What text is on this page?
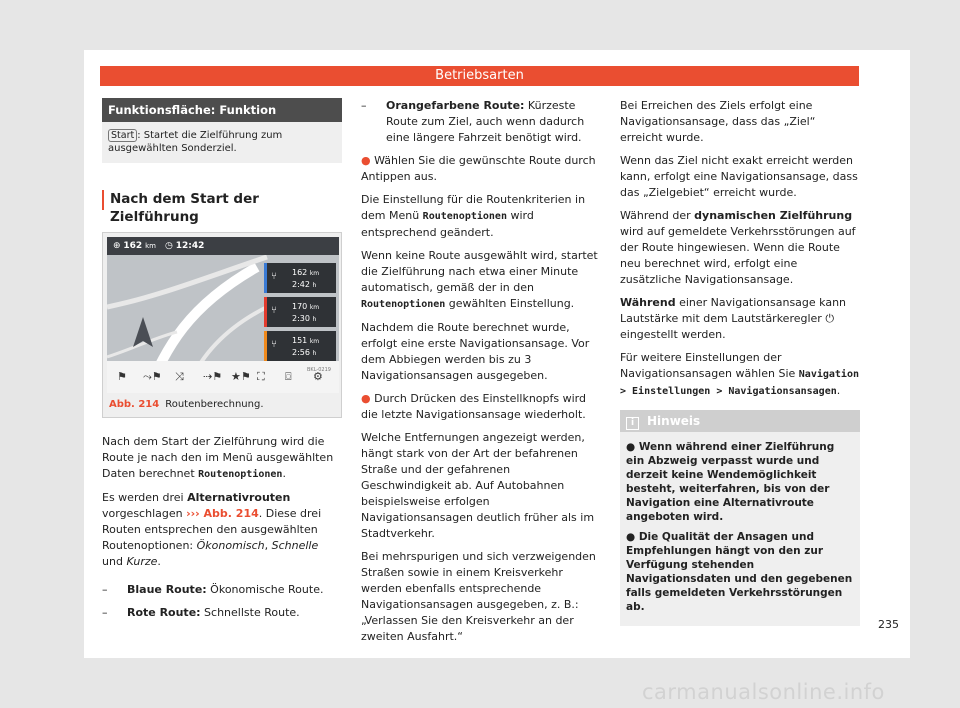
Betriebsarten
Funktionsfläche: Funktion
Start : Startet die Zielführung zum ausgewählten Sonderziel.
Nach dem Start der Zielführung
⊕ 162 km ◷ 12:42
⑂ 162 km
2:42 h
⑂ 170 km
2:30 h
⑂ 151 km
2:56 h
⚑ ⤳⚑ ⤨ ⇢⚑ ★⚑ ⛶ ⌼ ⚙
BKL-0219
Abb. 214 Routenberechnung.

Nach dem Start der Zielführung wird die Route je nach den im Menü ausgewählten Daten berechnet Routenoptionen.

Es werden drei Alternativrouten vorgeschlagen ››› Abb. 214. Diese drei Routen entsprechen den ausgewählten Routenoptionen: Ökonomisch, Schnelle und Kurze.

–	Blaue Route: Ökonomische Route.
–	Rote Route: Schnellste Route.
–	Orangefarbene Route: Kürzeste Route zum Ziel, auch wenn dadurch eine längere Fahrzeit benötigt wird.

● Wählen Sie die gewünschte Route durch Antippen aus.

Die Einstellung für die Routenkriterien in dem Menü Routenoptionen wird entsprechend geändert.

Wenn keine Route ausgewählt wird, startet die Zielführung nach etwa einer Minute automatisch, gemäß der in den Routenoptionen gewählten Einstellung.

Nachdem die Route berechnet wurde, erfolgt eine erste Navigationsansage. Vor dem Abbiegen werden bis zu 3 Navigationsansagen ausgegeben.

● Durch Drücken des Einstellknopfs wird die letzte Navigationsansage wiederholt.

Welche Entfernungen angezeigt werden, hängt stark von der Art der befahrenen Straße und der gefahrenen Geschwindigkeit ab. Auf Autobahnen beispielsweise erfolgen Navigationsansagen deutlich früher als im Stadtverkehr.

Bei mehrspurigen und sich verzweigenden Straßen sowie in einem Kreisverkehr werden ebenfalls entsprechende Navigationsansagen ausgegeben, z. B.: „Verlassen Sie den Kreisverkehr an der zweiten Ausfahrt.“

Bei Erreichen des Ziels erfolgt eine Navigationsansage, dass das „Ziel“ erreicht wurde.

Wenn das Ziel nicht exakt erreicht werden kann, erfolgt eine Navigationsansage, dass das „Zielgebiet“ erreicht wurde.

Während der dynamischen Zielführung wird auf gemeldete Verkehrsstörungen auf der Route hingewiesen. Wenn die Route neu berechnet wird, erfolgt eine zusätzliche Navigationsansage.

Während einer Navigationsansage kann Lautstärke mit dem Lautstärkeregler ⏻ eingestellt werden.

Für weitere Einstellungen der Navigationsansagen wählen Sie Navigation > Einstellungen > Navigationsansagen.

i Hinweis

● Wenn während einer Zielführung ein Abzweig verpasst wurde und derzeit keine Wendemöglichkeit besteht, weiterfahren, bis von der Navigation eine Alternativroute angeboten wird.

● Die Qualität der Ansagen und Empfehlungen hängt von den zur Verfügung stehenden Navigationsdaten und den gegebenen falls gemeldeten Verkehrsstörungen ab.

235
carmanualsonline.info
